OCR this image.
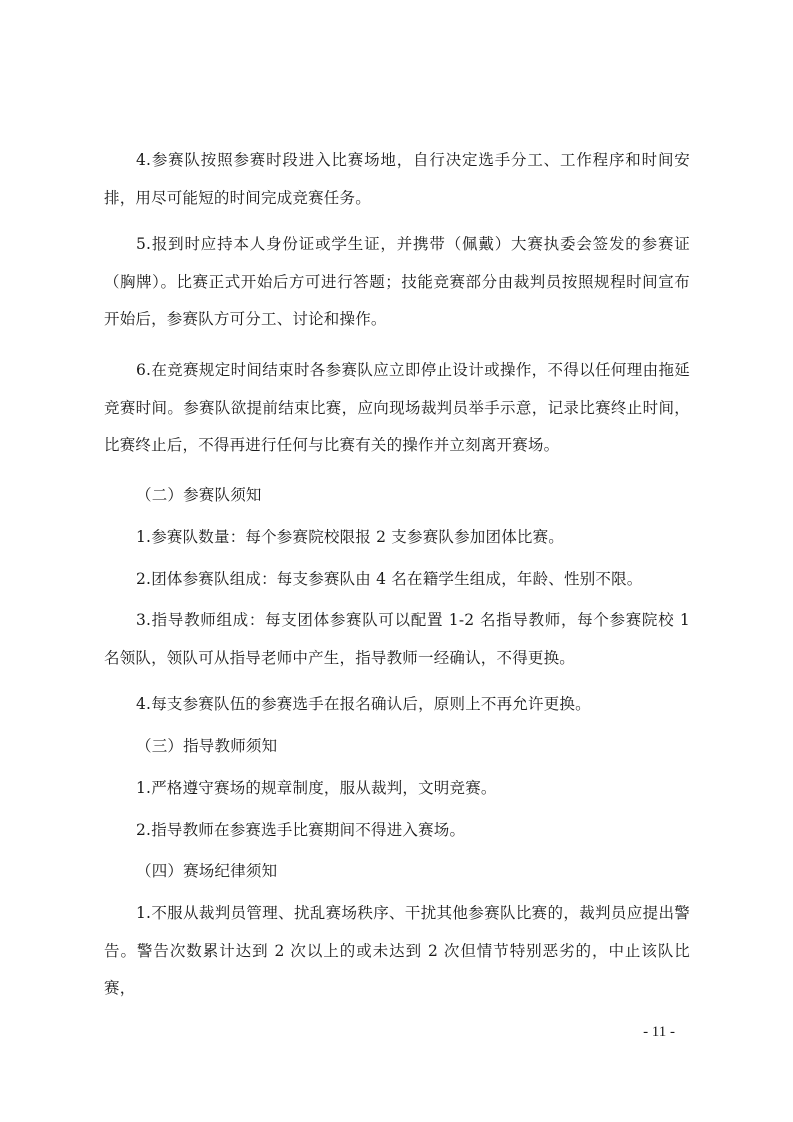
4.参赛队按照参赛时段进入比赛场地，自行决定选手分工、工作程序和时间安排，用尽可能短的时间完成竞赛任务。

5.报到时应持本人身份证或学生证，并携带（佩戴）大赛执委会签发的参赛证（胸牌）。比赛正式开始后方可进行答题；技能竞赛部分由裁判员按照规程时间宣布开始后，参赛队方可分工、讨论和操作。

6.在竞赛规定时间结束时各参赛队应立即停止设计或操作，不得以任何理由拖延竞赛时间。参赛队欲提前结束比赛，应向现场裁判员举手示意，记录比赛终止时间，比赛终止后，不得再进行任何与比赛有关的操作并立刻离开赛场。

（二）参赛队须知

1.参赛队数量：每个参赛院校限报 2 支参赛队参加团体比赛。

2.团体参赛队组成：每支参赛队由 4 名在籍学生组成，年龄、性别不限。

3.指导教师组成：每支团体参赛队可以配置 1-2 名指导教师，每个参赛院校 1 名领队，领队可从指导老师中产生，指导教师一经确认，不得更换。

4.每支参赛队伍的参赛选手在报名确认后，原则上不再允许更换。

（三）指导教师须知

1.严格遵守赛场的规章制度，服从裁判，文明竞赛。

2.指导教师在参赛选手比赛期间不得进入赛场。

（四）赛场纪律须知

1.不服从裁判员管理、扰乱赛场秩序、干扰其他参赛队比赛的，裁判员应提出警告。警告次数累计达到 2 次以上的或未达到 2 次但情节特别恶劣的，中止该队比赛，

- 11 -
